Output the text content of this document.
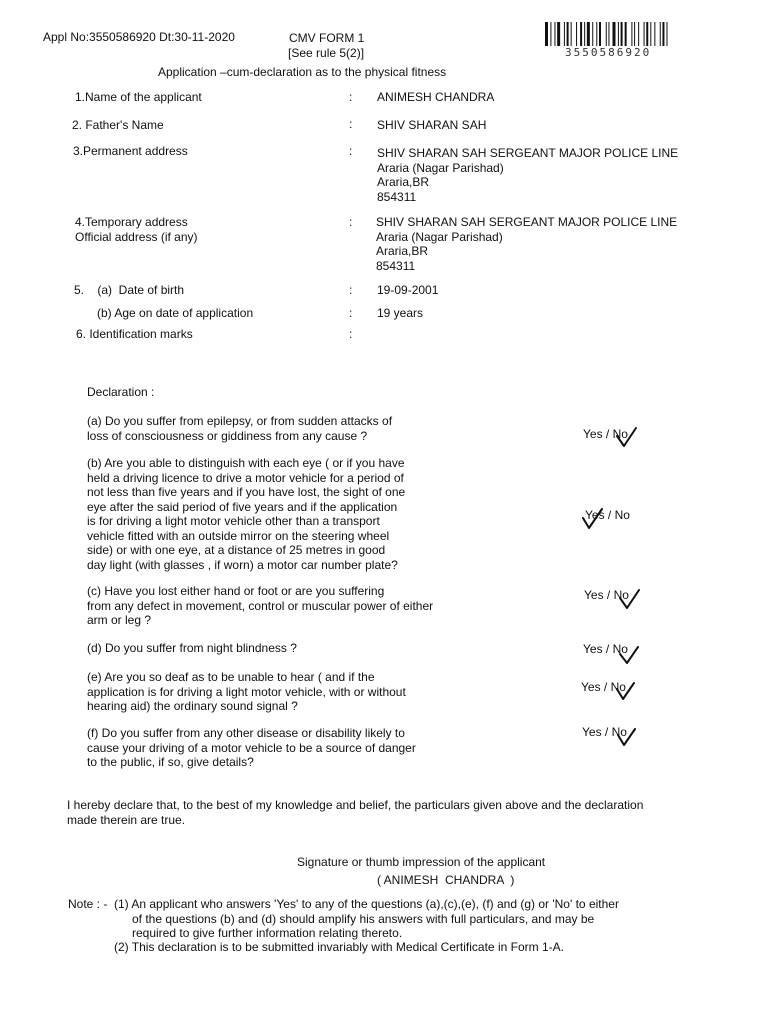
Appl No:3550586920 Dt:30-11-2020	CMV FORM 1
[See rule 5(2)]
Application –cum-declaration as to the physical fitness
3550586920
1.Name of the applicant	: ANIMESH CHANDRA
2. Father's Name	: SHIV SHARAN SAH
3.Permanent address	: SHIV SHARAN SAH SERGEANT MAJOR POLICE LINE
Araria (Nagar Parishad)
Araria,BR
854311
4.Temporary address
Official address (if any)
: SHIV SHARAN SAH SERGEANT MAJOR POLICE LINE
Araria (Nagar Parishad)
Araria,BR
854311
5.    (a)  Date of birth	: 19-09-2001
(b) Age on date of application	: 19 years
6. Identification marks	:
Declaration :
(a) Do you suffer from epilepsy, or from sudden attacks of
loss of consciousness or giddiness from any cause ?	Yes / No
(b) Are you able to distinguish with each eye ( or if you have
held a driving licence to drive a motor vehicle for a period of
not less than five years and if you have lost, the sight of one
eye after the said period of five years and if the application
is for driving a light motor vehicle other than a transport
vehicle fitted with an outside mirror on the steering wheel
side) or with one eye, at a distance of 25 metres in good
day light (with glasses , if worn) a motor car number plate?
Yes / No
(c) Have you lost either hand or foot or are you suffering
from any defect in movement, control or muscular power of either
arm or leg ?
Yes / No
(d) Do you suffer from night blindness ?	Yes / No
(e) Are you so deaf as to be unable to hear ( and if the
application is for driving a light motor vehicle, with or without
hearing aid) the ordinary sound signal ?
Yes / No
(f) Do you suffer from any other disease or disability likely to
cause your driving of a motor vehicle to be a source of danger
to the public, if so, give details?
Yes / No
I hereby declare that, to the best of my knowledge and belief, the particulars given above and the declaration
made therein are true.
Signature or thumb impression of the applicant
( ANIMESH  CHANDRA  )
Note : - (1) An applicant who answers 'Yes' to any of the questions (a),(c),(e), (f) and (g) or 'No' to either
of the questions (b) and (d) should amplify his answers with full particulars, and may be
required to give further information relating thereto.
(2) This declaration is to be submitted invariably with Medical Certificate in Form 1-A.
